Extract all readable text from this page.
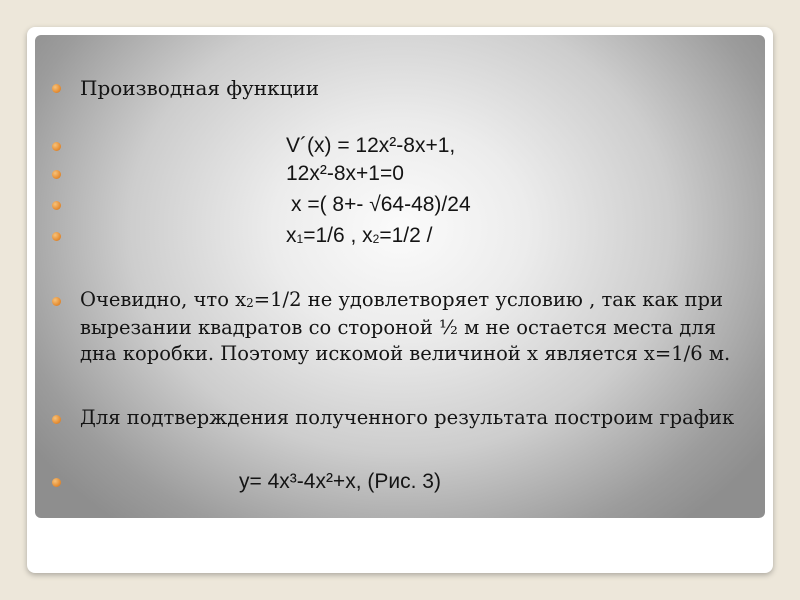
Производная функции
V´(x) = 12x²-8x+1,
12x²-8x+1=0
x =( 8+- √64-48)/24
$x_1=1/6$ , $x_2=1/2$ /
Очевидно, что $x_2=1/2$ не удовлетворяет условию , так как при вырезании квадратов со стороной ½ м не остается места для дна коробки. Поэтому искомой величиной х является х=1/6 м.
Для подтверждения полученного результата построим график
y= 4x³-4x²+x, (Рис. 3)
